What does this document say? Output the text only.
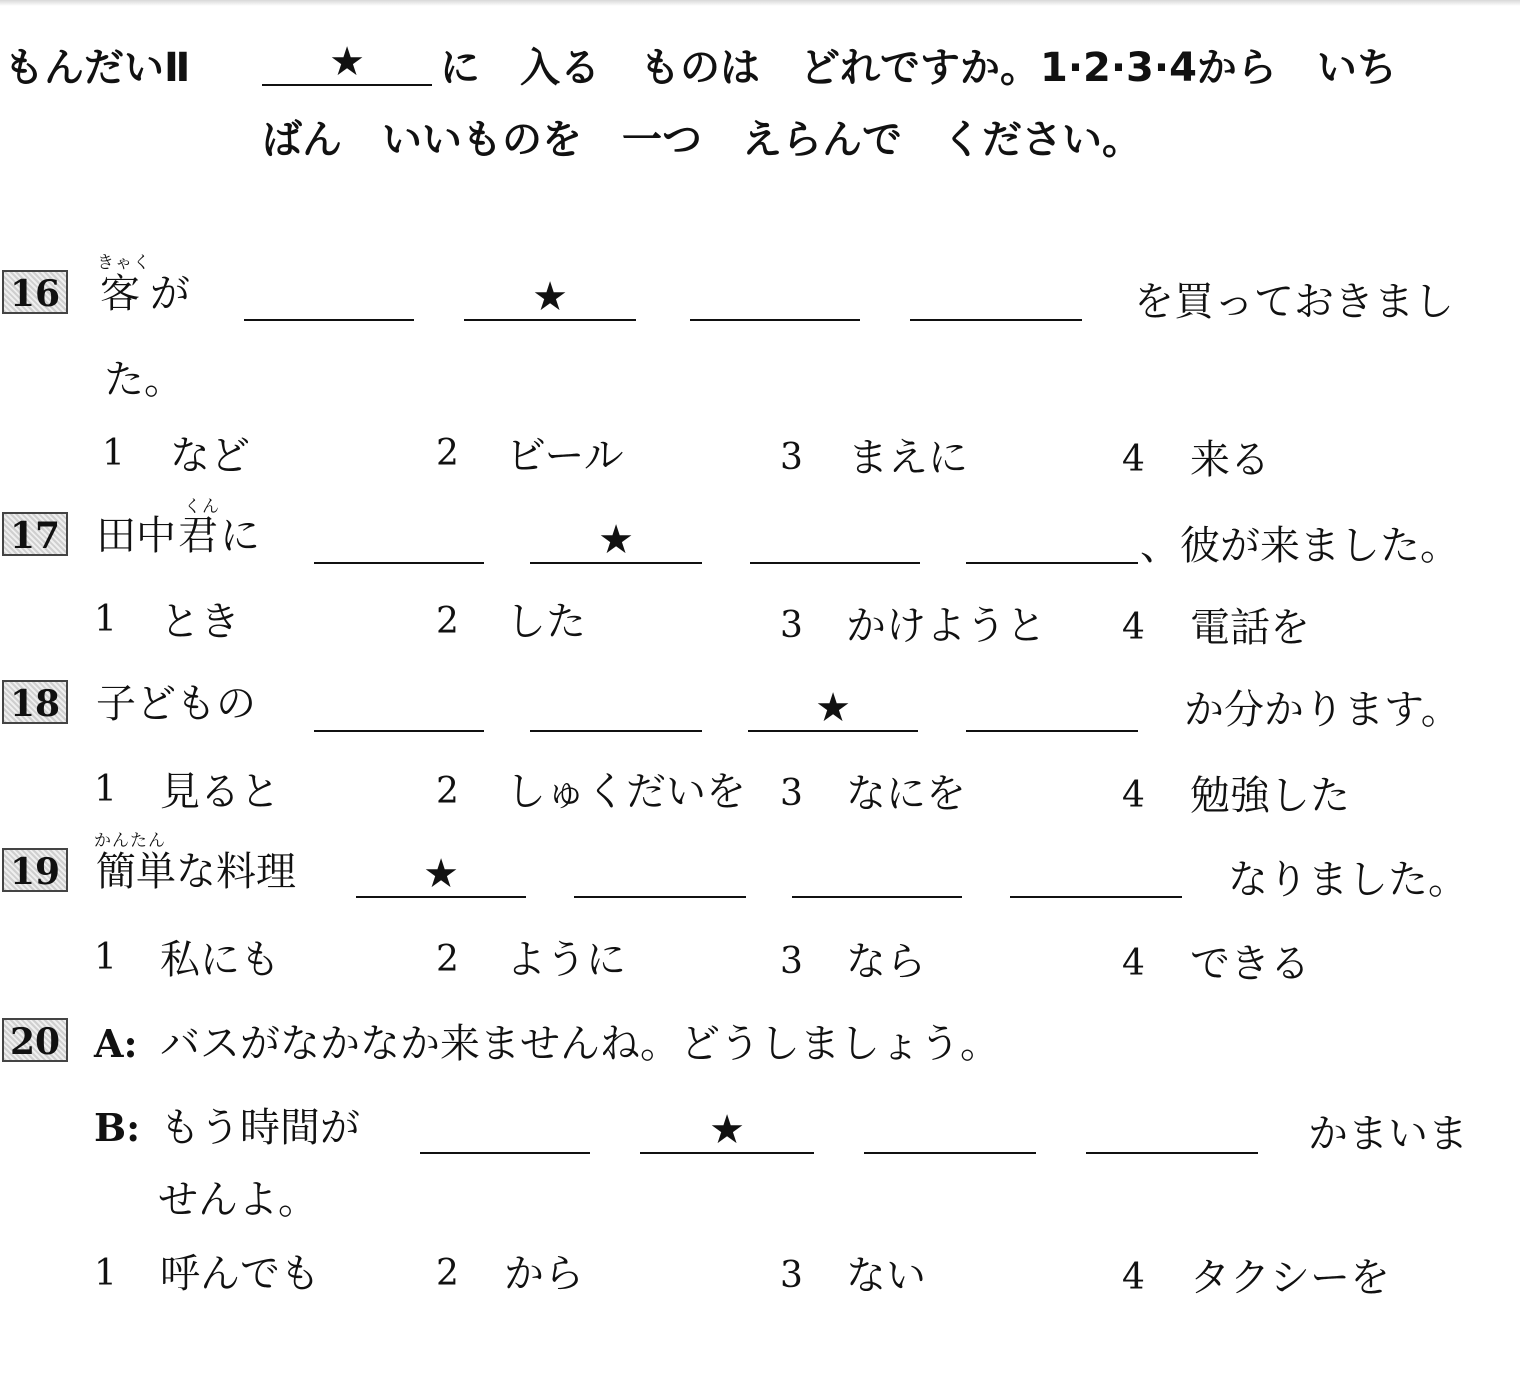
もんだいⅡ	★	に　入る　ものは　どれですか。1·2·3·4から　いち
ばん　いいものを　一つ　えらんで　ください。
16
きゃく
客 が	★	を買っておきまし
た。
1 など	2 ビール	3 まえに	4 来る
17 田中
くん
君 に	★	、彼が来ました。
1 とき	2 した	3 かけようと 4 電話を
18 子どもの	★	か分かります。
1 見ると	2 しゅくだいを 3 なにを	4 勉強した
19
かんたん
簡単 な料理	★	なりました。
1 私にも	2 ように	3 なら	4 できる
20 A: バスがなかなか来ませんね。どうしましょう。
B: もう時間が	★	かまいま
せんよ。
1 呼んでも	2 から	3 ない	4 タクシーを
